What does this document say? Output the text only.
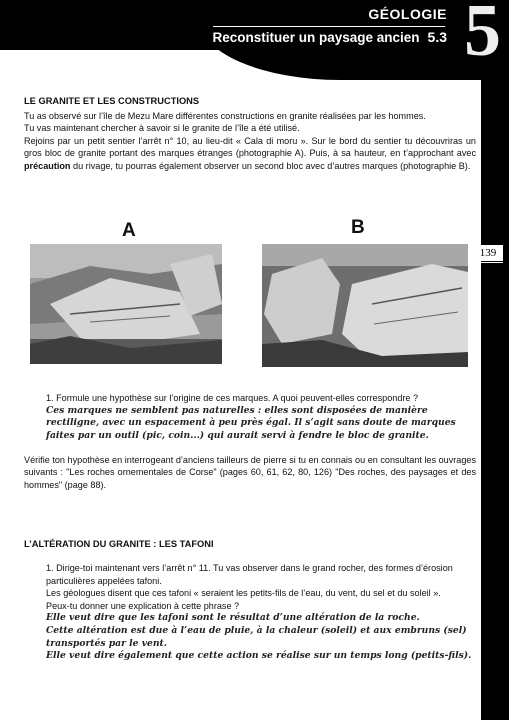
5
GÉOLOGIE
Reconstituer un paysage ancien 5.3
139
LE GRANITE ET LES CONSTRUCTIONS

Tu as observé sur l’île de Mezu Mare différentes constructions en granite réalisées par les hommes.

Tu vas maintenant chercher à savoir si le granite de l’île a été utilisé.

Rejoins par un petit sentier l’arrêt n° 10, au lieu-dit « Cala di moru ». Sur le bord du sentier tu découvriras un gros bloc de granite portant des marques étranges (photographie A). Puis, à sa hauteur, en t’approchant avec précaution du rivage, tu pourras également observer un second bloc avec d’autres marques (photographie B).

A	B

1. Formule une hypothèse sur l’origine de ces marques. A quoi peuvent-elles correspondre ?

Ces marques ne semblent pas naturelles : elles sont disposées de manière rectiligne, avec un espacement à peu près égal. Il s’agit sans doute de marques faites par un outil (pic, coin...) qui aurait servi à fendre le bloc de granite.

Vérifie ton hypothèse en interrogeant d’anciens tailleurs de pierre si tu en connais ou en consultant les ouvrages suivants : "Les roches ornementales de Corse" (pages 60, 61, 62, 80, 126) "Des roches, des paysages et des hommes" (page 88).
L’ALTÉRATION DU GRANITE : LES TAFONI

1. Dirige-toi maintenant vers l’arrêt n° 11. Tu vas observer dans le grand rocher, des formes d’érosion particulières appelées tafoni.

Les géologues disent que ces tafoni « seraient les petits-fils de l’eau, du vent, du sel et du soleil ».

Peux-tu donner une explication à cette phrase ?

Elle veut dire que les tafoni sont le résultat d’une altération de la roche.

Cette altération est due à l’eau de pluie, à la chaleur (soleil) et aux embruns (sel) transportés par le vent.

Elle veut dire également que cette action se réalise sur un temps long (petits-fils).
